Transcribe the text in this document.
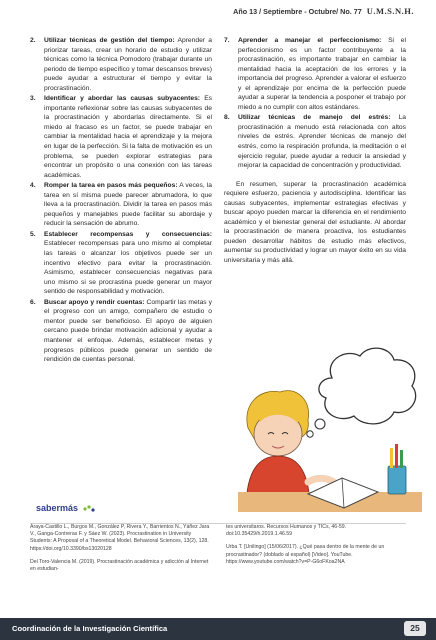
Año 13 / Septiembre - Octubre/ No. 77 U.M.S.N.H.
2.	Utilizar técnicas de gestión del tiempo: Aprender a priorizar tareas, crear un horario de estudio y utilizar técnicas como la técnica Pomodoro (trabajar durante un periodo de tiempo específico y tomar descansos breves) puede ayudar a estructurar el tiempo y evitar la procrastinación.
3.	Identificar y abordar las causas subyacentes: Es importante reflexionar sobre las causas subyacentes de la procrastinación y abordarlas directamente. Si el miedo al fracaso es un factor, se puede trabajar en cambiar la mentalidad hacia el aprendizaje y la mejora en lugar de la perfección. Si la falta de motivación es un problema, se pueden explorar estrategias para encontrar un propósito o una conexión con las tareas académicas.
4.	Romper la tarea en pasos más pequeños: A veces, la tarea en sí misma puede parecer abrumadora, lo que lleva a la procrastinación. Dividir la tarea en pasos más pequeños y manejables puede facilitar su abordaje y reducir la sensación de abrumo.
5.	Establecer recompensas y consecuencias: Establecer recompensas para uno mismo al completar las tareas o alcanzar los objetivos puede ser un incentivo efectivo para evitar la procrastinación. Asimismo, establecer consecuencias negativas para uno mismo si se procrastina puede generar un mayor sentido de responsabilidad y motivación.
6.	Buscar apoyo y rendir cuentas: Compartir las metas y el progreso con un amigo, compañero de estudio o mentor puede ser beneficioso. El apoyo de alguien cercano puede brindar motivación adicional y ayudar a mantener el enfoque. Además, establecer metas y progresos públicos puede generar un sentido de rendición de cuentas personal.
7.	Aprender a manejar el perfeccionismo: Si el perfeccionismo es un factor contribuyente a la procrastinación, es importante trabajar en cambiar la mentalidad hacia la aceptación de los errores y la importancia del progreso. Aprender a valorar el esfuerzo y el aprendizaje por encima de la perfección puede ayudar a superar la tendencia a posponer el trabajo por miedo a no cumplir con altos estándares.
8.	Utilizar técnicas de manejo del estrés: La procrastinación a menudo está relacionada con altos niveles de estrés. Aprender técnicas de manejo del estrés, como la respiración profunda, la meditación o el ejercicio regular, puede ayudar a reducir la ansiedad y mejorar la capacidad de concentración y productividad.
En resumen, superar la procrastinación académica requiere esfuerzo, paciencia y autodisciplina. Identificar las causas subyacentes, implementar estrategias efectivas y buscar apoyo pueden marcar la diferencia en el rendimiento académico y el bienestar general del estudiante. Al abordar la procrastinación de manera proactiva, los estudiantes pueden desarrollar hábitos de estudio más efectivos, aumentar su productividad y lograr un mayor éxito en su vida universitaria y más allá.
sabermás

Araya-Castillo L., Burgos M., González P, Rivera Y., Barrientos N., Yáñez Jara V., Ganga-Contreras F. y Sáez W. (2023). Procrastination in University Students: A Proposal of a Theoretical Model. Behavioral Sciences, 13(2), 128. https://doi.org/10.3390/bs13020128

Del Toro-Valencia M. (2019). Procrastinación académica y adicción al Internet en estudian-

tes universitaros. Recursos Humanos y TICs, 46-59. doi:10.35429/h.2019.1.46.59

Urba T. [Unilingo] (15/06/2017). ¿Qué pasa dentro de la mente de un procrastinador? (doblado al español) [Video]. YouTube. https://www.youtube.com/watch?v=P-G6oFKoa2NA

Coordinación de la Investigación Científica	25
